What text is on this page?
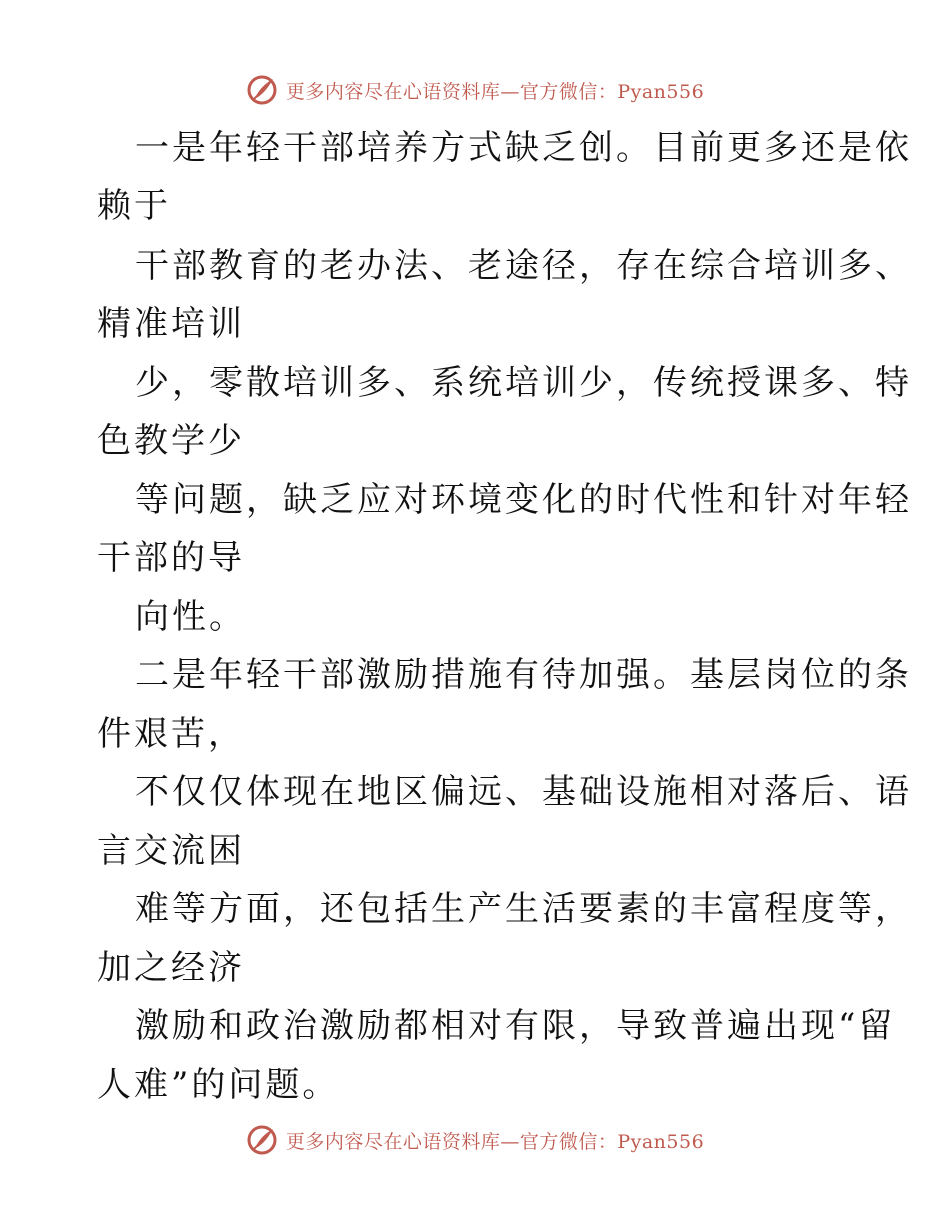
更多内容尽在心语资料库—官方微信：Pyan556
一是年轻干部培养方式缺乏创。目前更多还是依
赖于
干部教育的老办法、老途径，存在综合培训多、
精准培训
少，零散培训多、系统培训少，传统授课多、特
色教学少
等问题，缺乏应对环境变化的时代性和针对年轻
干部的导
向性。
二是年轻干部激励措施有待加强。基层岗位的条
件艰苦，
不仅仅体现在地区偏远、基础设施相对落后、语
言交流困
难等方面，还包括生产生活要素的丰富程度等，
加之经济
激励和政治激励都相对有限，导致普遍出现“留
人难”的问题。
更多内容尽在心语资料库—官方微信：Pyan556
